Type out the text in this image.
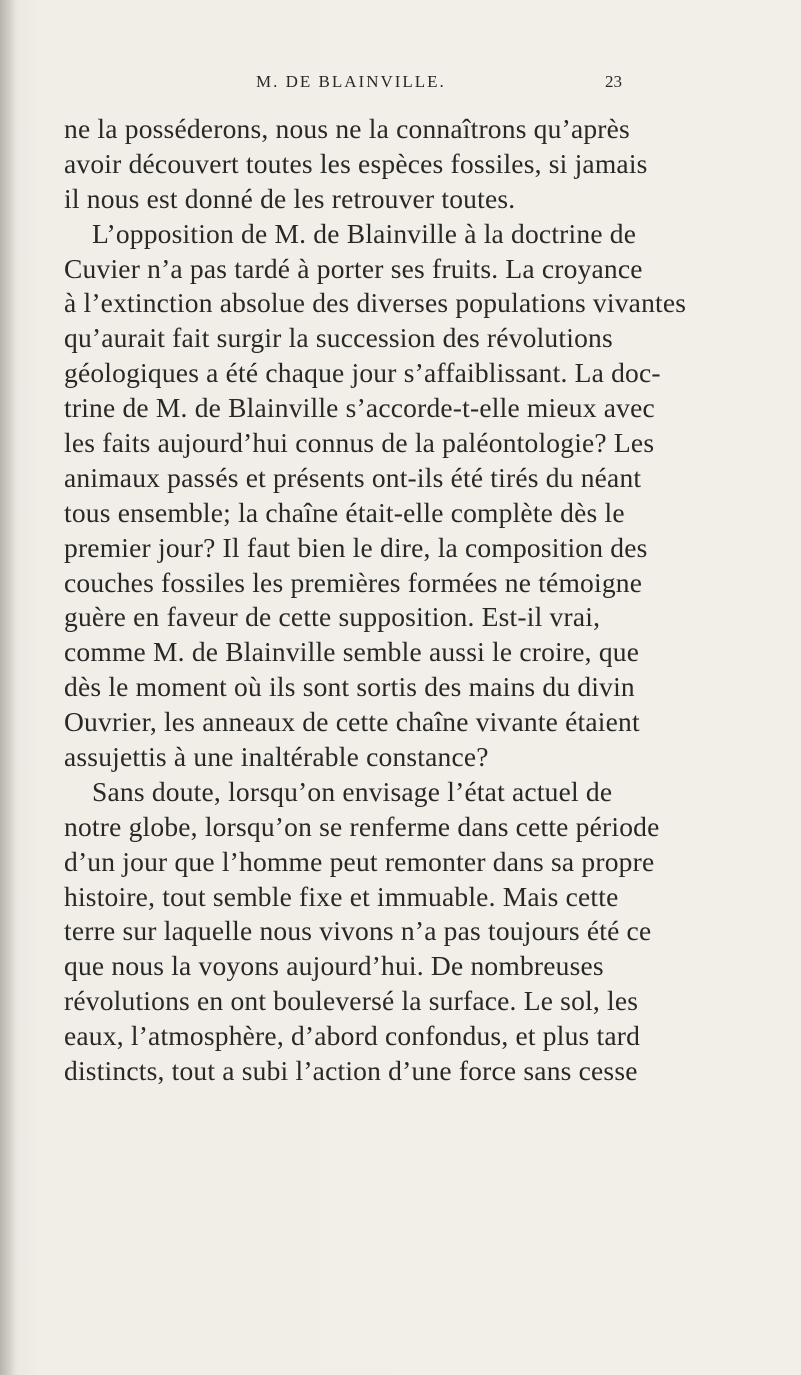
M. DE BLAINVILLE.	23
ne la posséderons, nous ne la connaîtrons qu’après
avoir découvert toutes les espèces fossiles, si jamais
il nous est donné de les retrouver toutes.
L’opposition de M. de Blainville à la doctrine de
Cuvier n’a pas tardé à porter ses fruits. La croyance
à l’extinction absolue des diverses populations vivantes
qu’aurait fait surgir la succession des révolutions
géologiques a été chaque jour s’affaiblissant. La doc-
trine de M. de Blainville s’accorde-t-elle mieux avec
les faits aujourd’hui connus de la paléontologie? Les
animaux passés et présents ont-ils été tirés du néant
tous ensemble; la chaîne était-elle complète dès le
premier jour? Il faut bien le dire, la composition des
couches fossiles les premières formées ne témoigne
guère en faveur de cette supposition. Est-il vrai,
comme M. de Blainville semble aussi le croire, que
dès le moment où ils sont sortis des mains du divin
Ouvrier, les anneaux de cette chaîne vivante étaient
assujettis à une inaltérable constance?
Sans doute, lorsqu’on envisage l’état actuel de
notre globe, lorsqu’on se renferme dans cette période
d’un jour que l’homme peut remonter dans sa propre
histoire, tout semble fixe et immuable. Mais cette
terre sur laquelle nous vivons n’a pas toujours été ce
que nous la voyons aujourd’hui. De nombreuses
révolutions en ont bouleversé la surface. Le sol, les
eaux, l’atmosphère, d’abord confondus, et plus tard
distincts, tout a subi l’action d’une force sans cesse
